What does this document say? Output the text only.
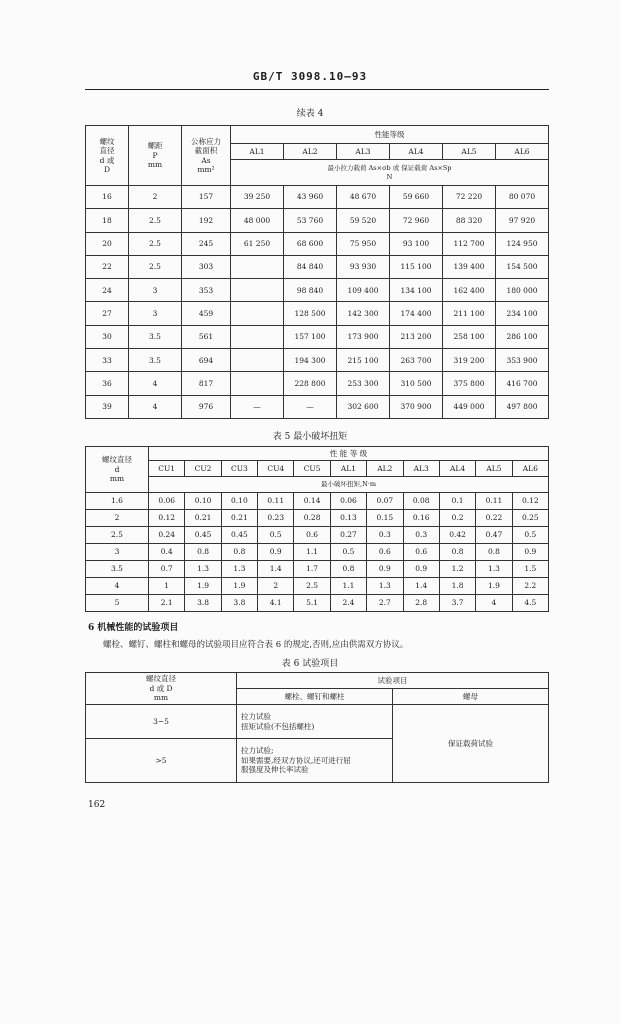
GB/T 3098.10—93
续表 4
螺纹
直径
d 或
D	螺距
P
mm	公称应力
截面积
As
mm²	性能等级					
			AL1	AL2	AL3	AL4	AL5	AL6
			最小拉力载荷 As×σb 或 保证载荷 As×Sp
N					
16	2	157	39 250	43 960	48 670	59 660	72 220	80 070
18	2.5	192	48 000	53 760	59 520	72 960	88 320	97 920
20	2.5	245	61 250	68 600	75 950	93 100	112 700	124 950
22	2.5	303		84 840	93 930	115 100	139 400	154 500
24	3	353		98 840	109 400	134 100	162 400	180 000
27	3	459		128 500	142 300	174 400	211 100	234 100
30	3.5	561		157 100	173 900	213 200	258 100	286 100
33	3.5	694		194 300	215 100	263 700	319 200	353 900
36	4	817		228 800	253 300	310 500	375 800	416 700
39	4	976	—	—	302 600	370 900	449 000	497 800
表 5 最小破坏扭矩
螺纹直径
d
mm	性 能 等 级										
	CU1	CU2	CU3	CU4	CU5	AL1	AL2	AL3	AL4	AL5	AL6
	最小破坏扭矩,N·m										
1.6	0.06	0.10	0.10	0.11	0.14	0.06	0.07	0.08	0.1	0.11	0.12
2	0.12	0.21	0.21	0.23	0.28	0.13	0.15	0.16	0.2	0.22	0.25
2.5	0.24	0.45	0.45	0.5	0.6	0.27	0.3	0.3	0.42	0.47	0.5
3	0.4	0.8	0.8	0.9	1.1	0.5	0.6	0.6	0.8	0.8	0.9
3.5	0.7	1.3	1.3	1.4	1.7	0.8	0.9	0.9	1.2	1.3	1.5
4	1	1.9	1.9	2	2.5	1.1	1.3	1.4	1.8	1.9	2.2
5	2.1	3.8	3.8	4.1	5.1	2.4	2.7	2.8	3.7	4	4.5
6 机械性能的试验项目
螺栓、螺钉、螺柱和螺母的试验项目应符合表 6 的规定,否则,应由供需双方协议。
表 6 试验项目
螺纹直径
d 或 D
mm	试验项目	
	螺栓、螺钉和螺柱	螺母
3~5	拉力试验
扭矩试验(不包括螺柱)	保证载荷试验
>5	拉力试验;
如果需要,经双方协议,还可进行屈
服强度及伸长率试验	
162
